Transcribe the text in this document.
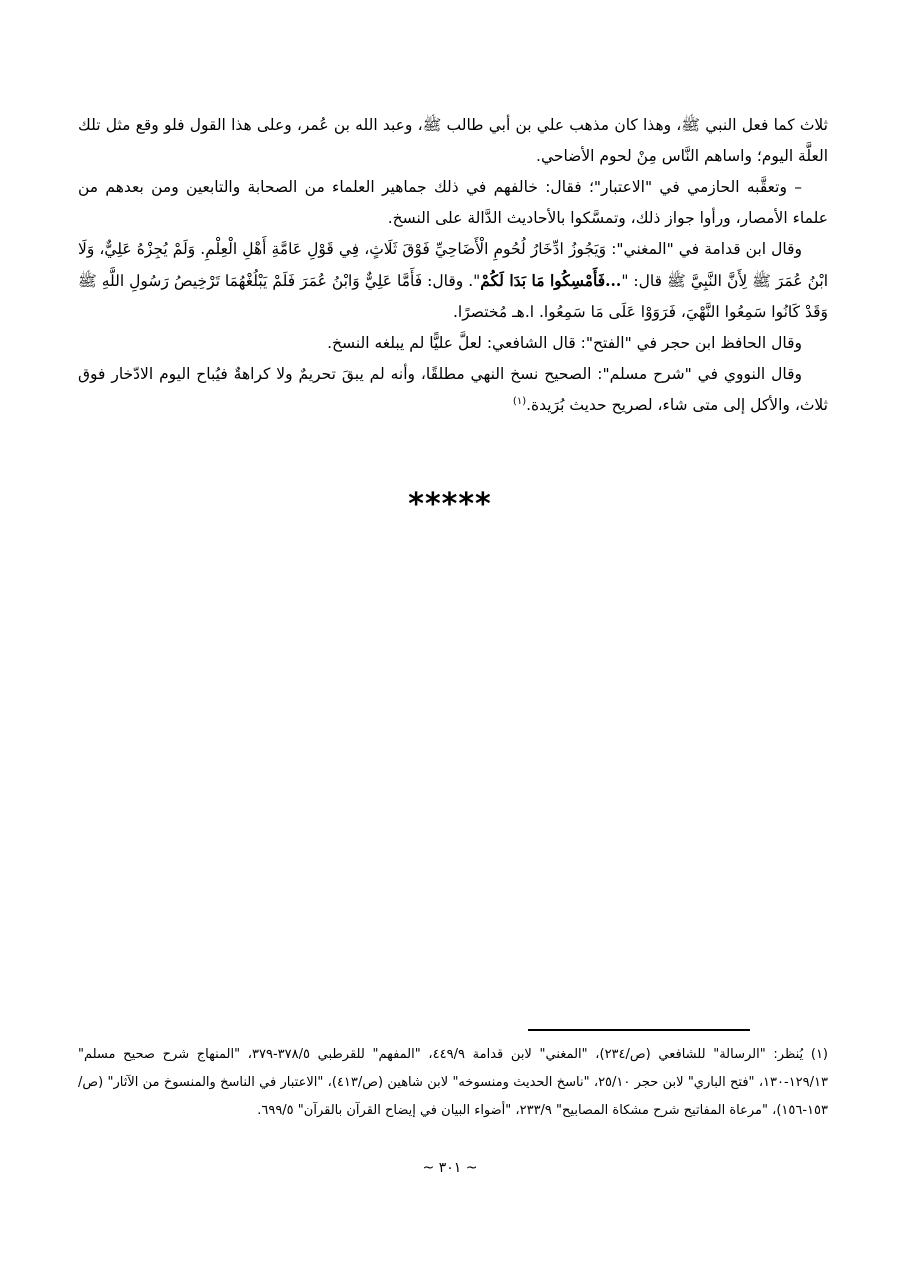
ثلاث كما فعل النبي ﷺ، وهذا كان مذهب علي بن أبي طالب ﷺ، وعبد الله بن عُمر، وعلى هذا القول فلو وقع مثل تلك العلَّة اليوم؛ واساهم النَّاس مِنْ لحوم الأضاحي.

– وتعقَّبه الحازمي في "الاعتبار"؛ فقال: خالفهم في ذلك جماهير العلماء من الصحابة والتابعين ومن بعدهم من علماء الأمصار، ورأوا جواز ذلك، وتمسَّكوا بالأحاديث الدَّالة على النسخ.

وقال ابن قدامة في "المغني": وَيَجُوزُ ادِّخَارُ لُحُومِ الْأَضَاحِيِّ فَوْقَ ثَلَاثٍ، فِي قَوْلِ عَامَّةِ أَهْلِ الْعِلْمِ. وَلَمْ يُجِزْهُ عَلِيٌّ، وَلَا ابْنُ عُمَرَ ﷺ لِأَنَّ النَّبِيَّ ﷺ قال: "...فَأَمْسِكُوا مَا بَدَا لَكُمْ". وقال: فَأَمَّا عَلِيٌّ وَابْنُ عُمَرَ فَلَمْ يَبْلُغْهُمَا تَرْخِيصُ رَسُولِ اللَّهِ ﷺ وَقَدْ كَانُوا سَمِعُوا النَّهْيَ، فَرَوَوْا عَلَى مَا سَمِعُوا. ا.هـ مُختصرًا.

وقال الحافظ ابن حجر في "الفتح": قال الشافعي: لعلَّ عليًّا لم يبلغه النسخ.

وقال النووي في "شرح مسلم": الصحيح نسخ النهي مطلقًا، وأنه لم يبقَ تحريمٌ ولا كراهةٌ فيُباح اليوم الادّخار فوق ثلاث، والأكل إلى متى شاء، لصريح حديث بُرَيدة.$^{(١)}$

*****
(١) يُنظر: "الرسالة" للشافعي (ص/٢٣٤)، "المغني" لابن قدامة ٤٤٩/٩، "المفهم" للقرطبي ٣٧٨/٥-٣٧٩، "المنهاج شرح صحيح مسلم" ١٢٩/١٣-١٣٠، "فتح الباري" لابن حجر ٢٥/١٠، "ناسخ الحديث ومنسوخه" لابن شاهين (ص/٤١٣)، "الاعتبار في الناسخ والمنسوخ من الآثار" (ص/١٥٣-١٥٦)، "مرعاة المفاتيح شرح مشكاة المصابيح" ٢٣٣/٩، "أضواء البيان في إيضاح القرآن بالقرآن" ٦٩٩/٥.
~ ٣٠١ ~
